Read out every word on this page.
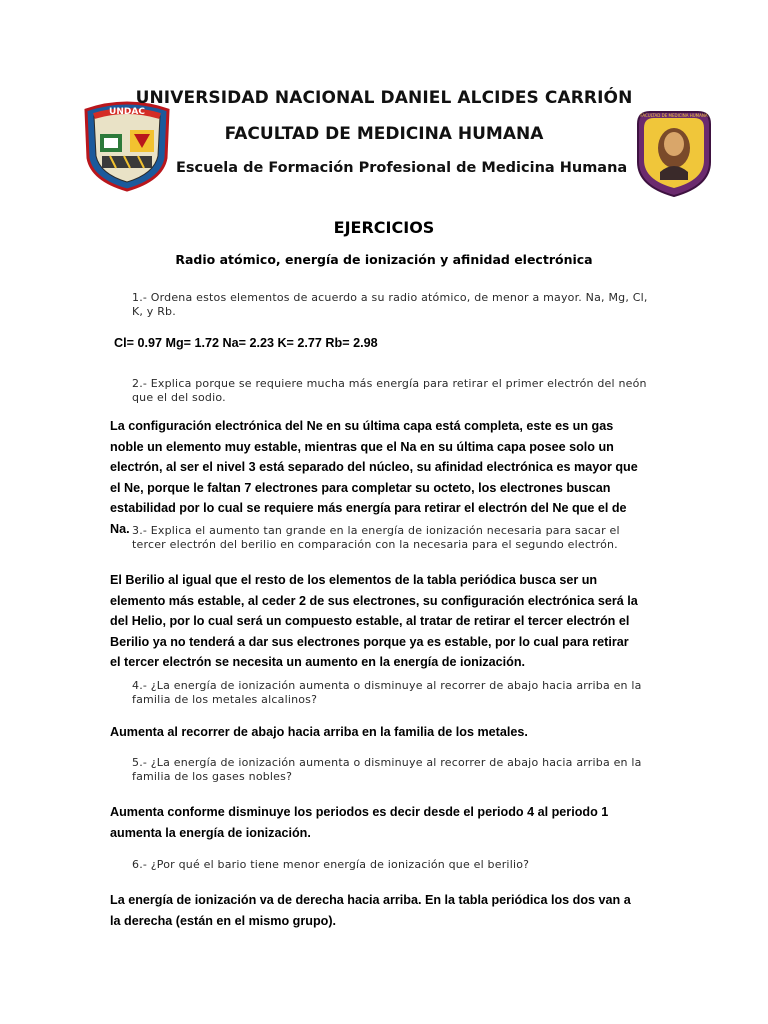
UNDAC
UNIVERSIDAD NACIONAL DANIEL ALCIDES CARRIÓN
FACULTAD DE MEDICINA HUMANA
Escuela de Formación Profesional de Medicina Humana
FACULTAD DE MEDICINA HUMANA
EJERCICIOS
Radio atómico, energía de ionización y afinidad electrónica
1.- Ordena estos elementos de acuerdo a su radio atómico, de menor a mayor. Na, Mg, Cl, K, y Rb.
Cl= 0.97 Mg= 1.72 Na= 2.23 K= 2.77 Rb= 2.98
2.- Explica porque se requiere mucha más energía para retirar el primer electrón del neón que el del sodio.
La configuración electrónica del Ne en su última capa está completa, este es un gas noble un elemento muy estable, mientras que el Na en su última capa posee solo un electrón, al ser el nivel 3 está separado del núcleo, su afinidad electrónica es mayor que el Ne, porque le faltan 7 electrones para completar su octeto, los electrones buscan estabilidad por lo cual se requiere más energía para retirar el electrón del Ne que el de Na. 3.- Explica el aumento tan grande en la energía de ionización necesaria para sacar el tercer electrón del berilio en comparación con la necesaria para el segundo electrón.
El Berilio al igual que el resto de los elementos de la tabla periódica busca ser un elemento más estable, al ceder 2 de sus electrones, su configuración electrónica será la del Helio, por lo cual será un compuesto estable, al tratar de retirar el tercer electrón el Berilio ya no tenderá a dar sus electrones porque ya es estable, por lo cual para retirar el tercer electrón se necesita un aumento en la energía de ionización.
4.- ¿La energía de ionización aumenta o disminuye al recorrer de abajo hacia arriba en la familia de los metales alcalinos?
Aumenta al recorrer de abajo hacia arriba en la familia de los metales.
5.- ¿La energía de ionización aumenta o disminuye al recorrer de abajo hacia arriba en la familia de los gases nobles?
Aumenta conforme disminuye los periodos es decir desde el periodo 4 al periodo 1 aumenta la energía de ionización.
6.- ¿Por qué el bario tiene menor energía de ionización que el berilio?
La energía de ionización va de derecha hacia arriba. En la tabla periódica los dos van a la derecha (están en el mismo grupo).
